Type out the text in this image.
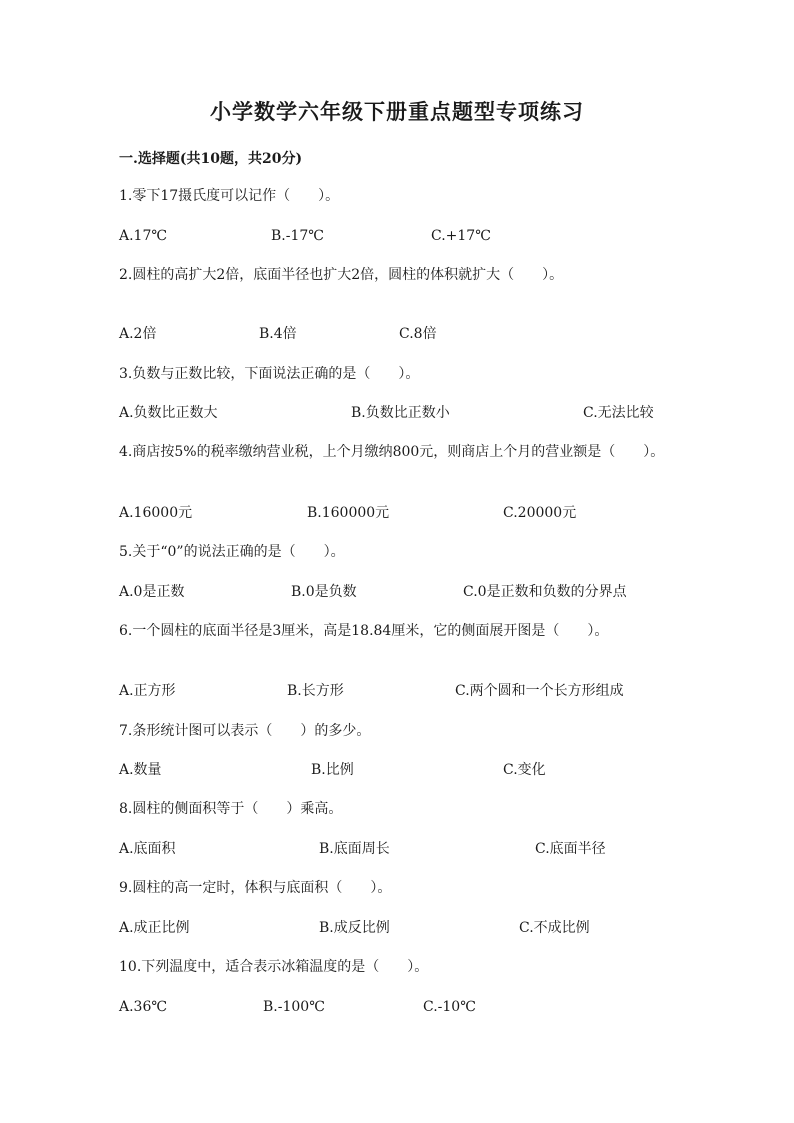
小学数学六年级下册重点题型专项练习
一.选择题(共10题，共20分)
1.零下17摄氏度可以记作（　　）。
A.17℃	B.-17℃	C.+17℃
2.圆柱的高扩大2倍，底面半径也扩大2倍，圆柱的体积就扩大（　　）。
A.2倍	B.4倍	C.8倍
3.负数与正数比较，下面说法正确的是（　　）。
A.负数比正数大	B.负数比正数小	C.无法比较
4.商店按5%的税率缴纳营业税，上个月缴纳800元，则商店上个月的营业额是（　　）。
A.16000元	B.160000元	C.20000元
5.关于“0”的说法正确的是（　　）。
A.0是正数	B.0是负数	C.0是正数和负数的分界点
6.一个圆柱的底面半径是3厘米，高是18.84厘米，它的侧面展开图是（　　）。
A.正方形	B.长方形	C.两个圆和一个长方形组成
7.条形统计图可以表示（　　）的多少。
A.数量	B.比例	C.变化
8.圆柱的侧面积等于（　　）乘高。
A.底面积	B.底面周长	C.底面半径
9.圆柱的高一定时，体积与底面积（　　）。
A.成正比例	B.成反比例	C.不成比例
10.下列温度中，适合表示冰箱温度的是（　　）。
A.36℃	B.-100℃	C.-10℃
